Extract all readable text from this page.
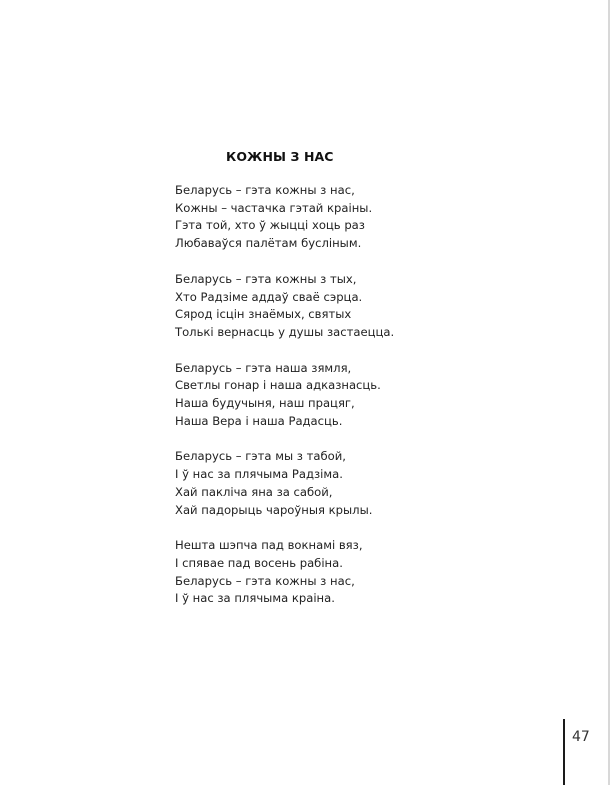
КОЖНЫ З НАС
Беларусь – гэта кожны з нас,
Кожны – частачка гэтай краіны.
Гэта той, хто ў жыцці хоць раз
Любаваўся палётам буслiным.
Беларусь – гэта кожны з тых,
Хто Радзіме аддаў сваё сэрца.
Сярод ісцін знаёмых, святых
Толькі вернасць у душы застаецца.
Беларусь – гэта наша зямля,
Светлы гонар і наша адказнасць.
Наша будучыня, наш працяг,
Наша Вера і наша Радасць.
Беларусь – гэта мы з табой,
І ў нас за плячыма Радзіма.
Хай пакліча яна за сабой,
Хай падорыць чароўныя крылы.
Нешта шэпча пад вокнамі вяз,
І спявае пад восень рабіна.
Беларусь – гэта кожны з нас,
І ў нас за плячыма краіна.
47
